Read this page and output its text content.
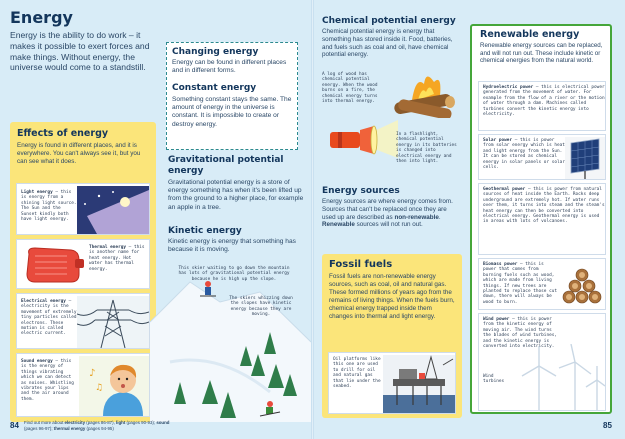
Energy
Energy is the ability to do work – it makes it possible to exert forces and make things. Without energy, the universe would come to a standstill.
Effects of energy
Energy is found in different places, and it is everywhere. You can't always see it, but you can see what it does.
Light energy – this is energy from a shining light source. The Sun and the Sunset kindly both have light energy.
Thermal energy – this is another name for heat energy. Hot water has thermal energy.
Electrical energy – electricity is the movement of extremely tiny particles called electrons. These motion is called electric current.
Sound energy – this is the energy of things vibrating which we can detect as noises. Whistling vibrates your lips and the air around them.
♪
♫
Changing energy
Energy can be found in different places and in different forms.
Constant energy
Something constant stays the same. The amount of energy in the universe is constant. It is impossible to create or destroy energy.
Gravitational potential energy
Gravitational potential energy is a store of energy something has when it's been lifted up from the ground to a higher place, for example an apple in a tree.
Kinetic energy
Kinetic energy is energy that something has because it is moving.
This skier waiting to go down the mountain has lots of gravitational potential energy because he is high up the slope.
The skiers whizzing down the slopes have kinetic energy because they are moving.
84 Find out more about electricity (pages 86-87), light (pages 90-93); sound (pages 96-97); thermal energy (pages 94-95)
Chemical potential energy
Chemical potential energy is energy that something has stored inside it. Food, batteries, and fuels such as coal and oil, have chemical potential energy.
A log of wood has chemical potential energy. When the wood burns on a fire, the chemical energy turns into thermal energy.
In a flashlight, chemical potential energy in its batteries is changed into electrical energy and then into light.
Energy sources
Energy sources are where energy comes from. Sources that can't be replaced once they are used up are described as non-renewable. Renewable sources will not run out.
Fossil fuels
Fossil fuels are non-renewable energy sources, such as coal, oil and natural gas. These formed millions of years ago from the remains of living things. When the fuels burn, chemical energy trapped inside them changes into thermal and light energy.
Oil platforms like this one are used to drill for oil and natural gas that lie under the seabed.
Renewable energy
Renewable energy sources can be replaced, and will not run out. These include kinetic or chemical energies from the natural world.
Hydroelectric power – this is electrical power generated from the movement of water. For example from the flow of a river or the motion of water through a dam. Machines called turbines convert the kinetic energy into electricity.
Solar power – this is power from solar energy which is heat and light energy from the Sun. It can be stored as chemical energy in solar panels or solar cells.
Geothermal power – this is power from natural sources of heat inside the Earth. Rocks deep underground are extremely hot. If water runs over them, it turns into steam and the steam's heat energy can then be converted into electrical energy. Geothermal energy is used in areas with lots of volcanoes.
Biomass power – this is power that comes from burning fuels such as wood, which are made from living things. If new trees are planted to replace those cut down, there will always be wood to burn.
Wind power – this is power from the kinetic energy of moving air. The wind turns the blades of wind turbines, and the kinetic energy is converted into electricity.
Wind turbines
85
